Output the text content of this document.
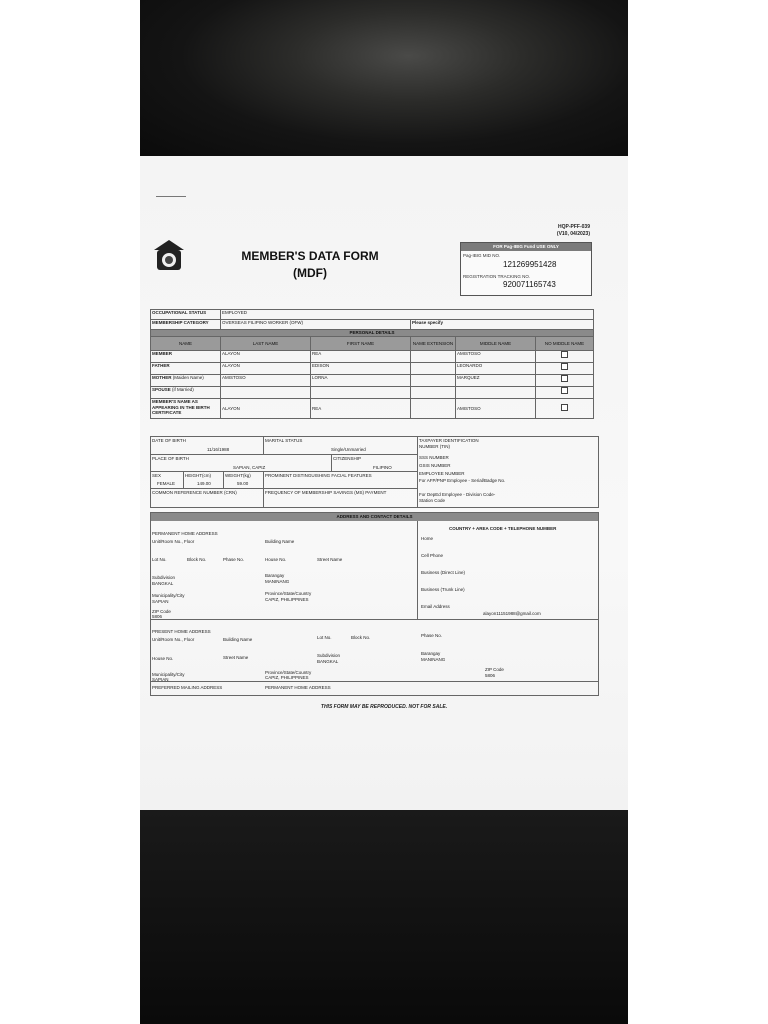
MEMBER'S DATA FORM
(MDF)
HQP-PFF-039
(V10, 04/2023)
FOR Pag-IBIG Fund USE ONLY
Pag-IBIG MID NO.
121269951428
REGISTRATION TRACKING NO.
920071165743
OCCUPATIONAL STATUS	EMPLOYED				
MEMBERSHIP CATEGORY	OVERSEAS FILIPINO WORKER (OFW)		Please specify		
PERSONAL DETAILS					
NAME	LAST NAME	FIRST NAME	NAME EXTENSION	MIDDLE NAME	NO MIDDLE NAME
MEMBER	ALAYON	REA		AMISTOSO	
FATHER	ALAYON	EDISON		LEONARDO	
MOTHER (Maiden Name)	AMISTOSO	LORNA		MARQUEZ	
SPOUSE (if Married)					
MEMBER'S NAME AS APPEARING IN THE BIRTH CERTIFICATE	ALAYON	REA		AMISTOSO	
DATE OF BIRTH
11/16/1988
MARITAL STATUS
Single/Unmarried
PLACE OF BIRTH
SAPIAN, CAPIZ
CITIZENSHIP
FILIPINO
SEX
FEMALE
HEIGHT(cm)
149.00
WEIGHT(kg)
59.00
PROMINENT DISTINGUISHING FACIAL FEATURES
COMMON REFERENCE NUMBER (CRN)	FREQUENCY OF MEMBERSHIP SAVINGS (MS) PAYMENT
TAXPAYER IDENTIFICATION NUMBER (TIN)
SSS NUMBER
GSIS NUMBER
EMPLOYEE NUMBER
For AFP/PNP Employee - Serial/Badge No.
For DepEd Employee - Division Code-Station Code
ADDRESS AND CONTACT DETAILS
PERMANENT HOME ADDRESS
Unit/Room No., Floor	Building Name
Lot No.	Block No.	Phase No.	House No.	Street Name
Subdivision
BANGKAL
Barangay
MANINANG
Municipality/City
SAPIAN
Province/State/Country
CAPIZ, PHILIPPINES
ZIP Code
5806
COUNTRY + AREA CODE + TELEPHONE NUMBER
Home
Cell Phone
Business (Direct Line)
Business (Trunk Line)
Email Address
alayon11151988@gmail.com
PRESENT HOME ADDRESS
Unit/Room No., Floor	Building Name	Lot No.	Block No.	Phase No.
House No.	Street Name	Subdivision
BANGKAL
Barangay
MANINANG
Municipality/City
SAPIAN
Province/State/Country
CAPIZ, PHILIPPINES
ZIP Code
5806
PREFERRED MAILING ADDRESS	PERMANENT HOME ADDRESS
THIS FORM MAY BE REPRODUCED. NOT FOR SALE.
